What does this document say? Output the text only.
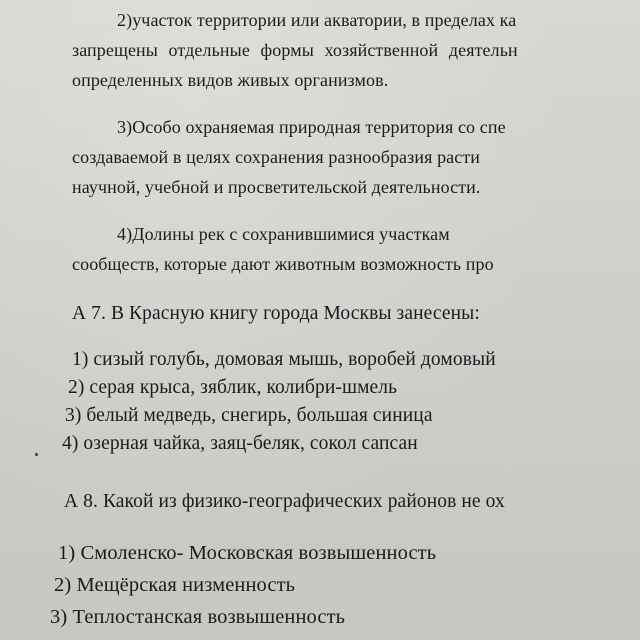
2)участок территории или акватории, в пределах ка
запрещены отдельные формы хозяйственной деятельн
определенных видов живых организмов.
3)Особо охраняемая природная территория со спе
создаваемой в целях сохранения разнообразия расти
научной, учебной и просветительской деятельности.
4)Долины рек с сохранившимися участкам
сообществ, которые дают животным возможность про
А 7. В Красную книгу города Москвы занесены:
1) сизый голубь, домовая мышь, воробей домовый
2) серая крыса, зяблик, колибри-шмель
3) белый медведь, снегирь, большая синица
4) озерная чайка, заяц-беляк, сокол сапсан
А 8. Какой из физико-географических районов не ох
1) Смоленско- Московская возвышенность
2) Мещёрская низменность
3) Теплостанская возвышенность
